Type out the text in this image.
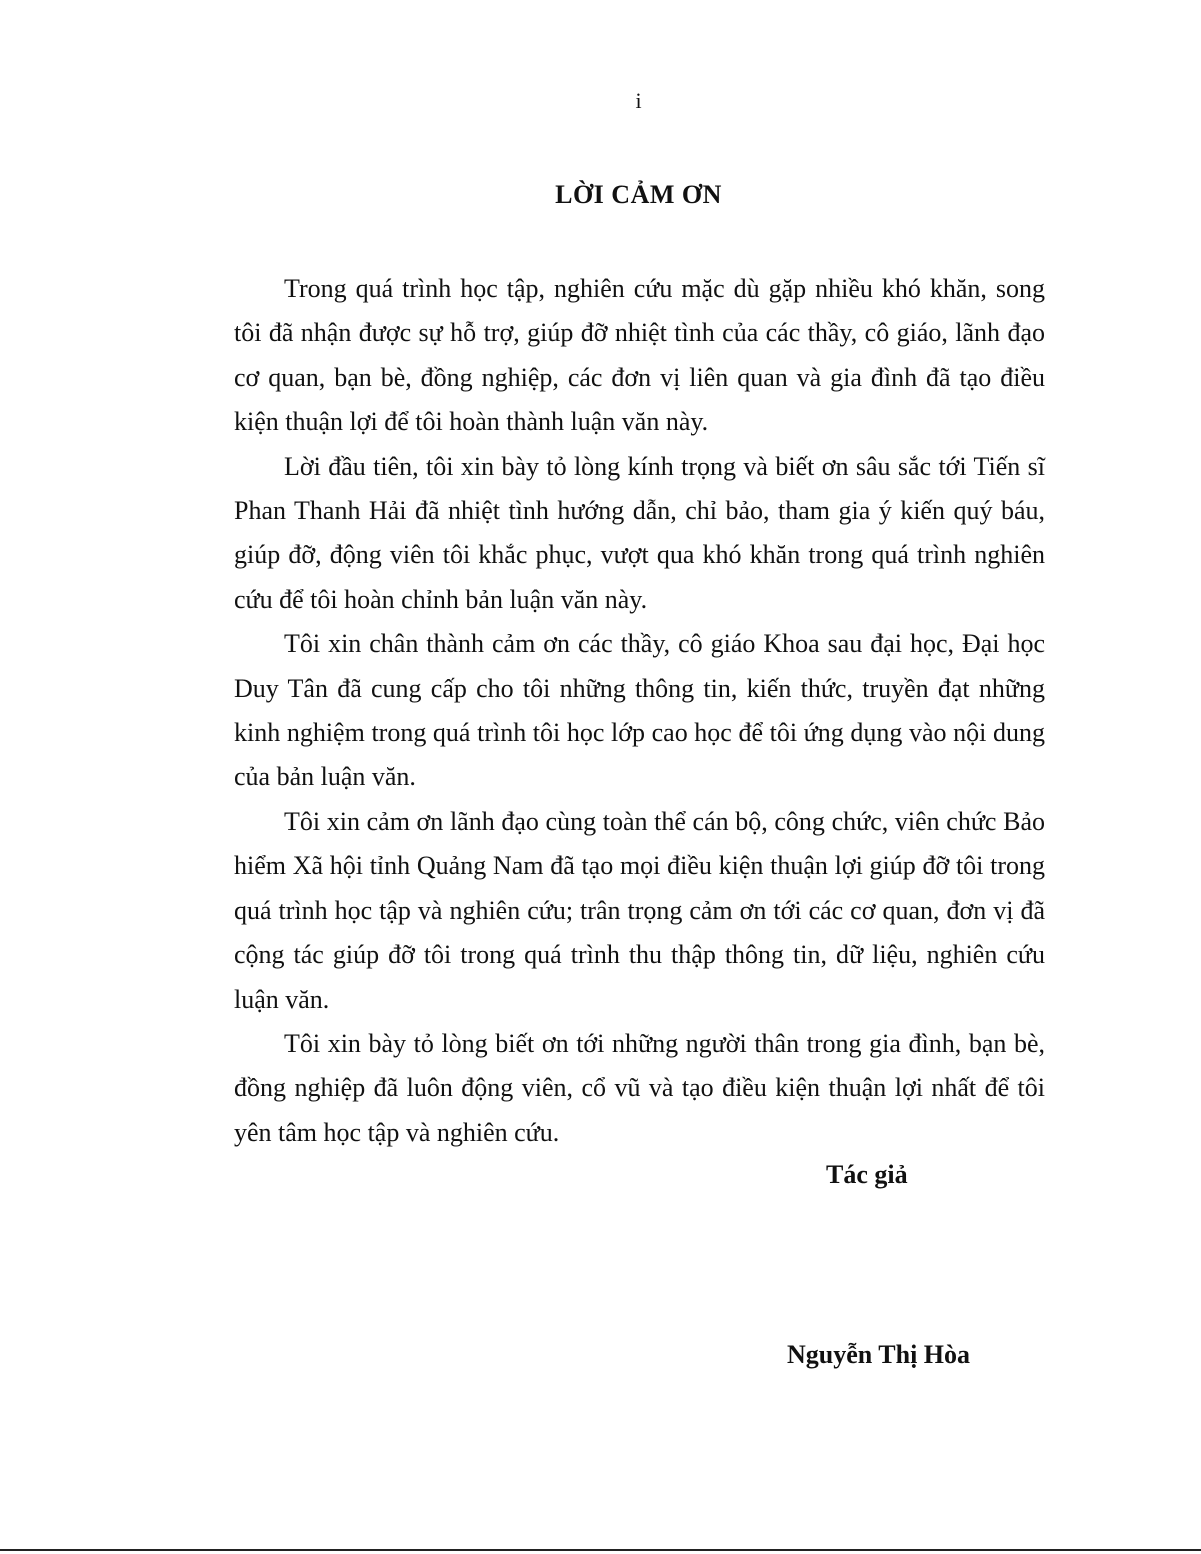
i
LỜI CẢM ƠN

Trong quá trình học tập, nghiên cứu mặc dù gặp nhiều khó khăn, song tôi đã nhận được sự hỗ trợ, giúp đỡ nhiệt tình của các thầy, cô giáo, lãnh đạo cơ quan, bạn bè, đồng nghiệp, các đơn vị liên quan và gia đình đã tạo điều kiện thuận lợi để tôi hoàn thành luận văn này.

Lời đầu tiên, tôi xin bày tỏ lòng kính trọng và biết ơn sâu sắc tới Tiến sĩ Phan Thanh Hải đã nhiệt tình hướng dẫn, chỉ bảo, tham gia ý kiến quý báu, giúp đỡ, động viên tôi khắc phục, vượt qua khó khăn trong quá trình nghiên cứu để tôi hoàn chỉnh bản luận văn này.

Tôi xin chân thành cảm ơn các thầy, cô giáo Khoa sau đại học, Đại học Duy Tân đã cung cấp cho tôi những thông tin, kiến thức, truyền đạt những kinh nghiệm trong quá trình tôi học lớp cao học để tôi ứng dụng vào nội dung của bản luận văn.

Tôi xin cảm ơn lãnh đạo cùng toàn thể cán bộ, công chức, viên chức Bảo hiểm Xã hội tỉnh Quảng Nam đã tạo mọi điều kiện thuận lợi giúp đỡ tôi trong quá trình học tập và nghiên cứu; trân trọng cảm ơn tới các cơ quan, đơn vị đã cộng tác giúp đỡ tôi trong quá trình thu thập thông tin, dữ liệu, nghiên cứu luận văn.

Tôi xin bày tỏ lòng biết ơn tới những người thân trong gia đình, bạn bè, đồng nghiệp đã luôn động viên, cổ vũ và tạo điều kiện thuận lợi nhất để tôi yên tâm học tập và nghiên cứu.

Tác giả
Nguyễn Thị Hòa
